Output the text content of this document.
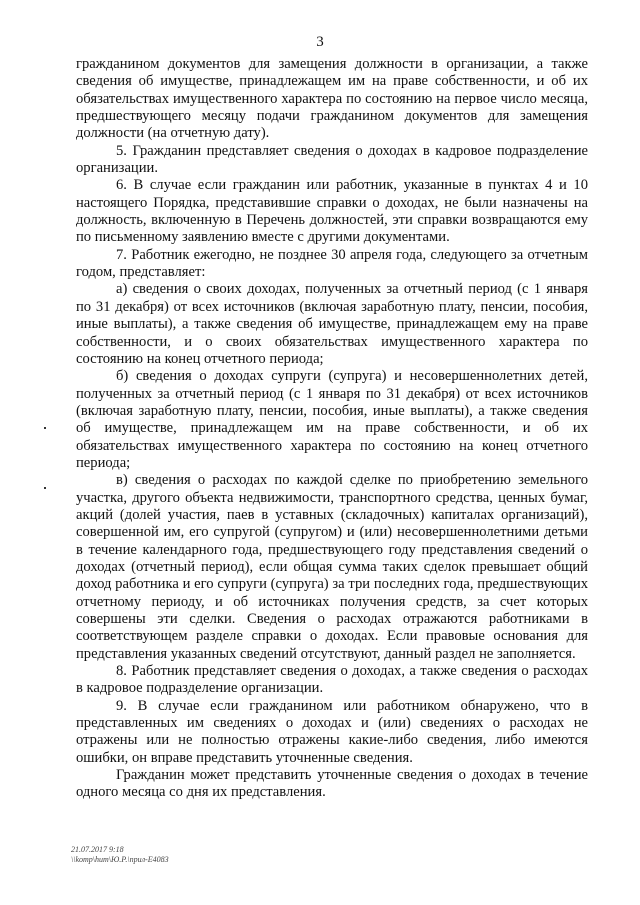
3

гражданином документов для замещения должности в организации, а также сведения об имуществе, принадлежащем им на праве собственности, и об их обязательствах имущественного характера по состоянию на первое число месяца, предшествующего месяцу подачи гражданином документов для замещения должности (на отчетную дату).

5. Гражданин представляет сведения о доходах в кадровое подразделение организации.

6. В случае если гражданин или работник, указанные в пунктах 4 и 10 настоящего Порядка, представившие справки о доходах, не были назначены на должность, включенную в Перечень должностей, эти справки возвращаются ему по письменному заявлению вместе с другими документами.

7. Работник ежегодно, не позднее 30 апреля года, следующего за отчетным годом, представляет:

а) сведения о своих доходах, полученных за отчетный период (с 1 января по 31 декабря) от всех источников (включая заработную плату, пенсии, пособия, иные выплаты), а также сведения об имуществе, принадлежащем ему на праве собственности, и о своих обязательствах имущественного характера по состоянию на конец отчетного периода;

б) сведения о доходах супруги (супруга) и несовершеннолетних детей, полученных за отчетный период (с 1 января по 31 декабря) от всех источников (включая заработную плату, пенсии, пособия, иные выплаты), а также сведения об имуществе, принадлежащем им на праве собственности, и об их обязательствах имущественного характера по состоянию на конец отчетного периода;

в) сведения о расходах по каждой сделке по приобретению земельного участка, другого объекта недвижимости, транспортного средства, ценных бумаг, акций (долей участия, паев в уставных (складочных) капиталах организаций), совершенной им, его супругой (супругом) и (или) несовершеннолетними детьми в течение календарного года, предшествующего году представления сведений о доходах (отчетный период), если общая сумма таких сделок превышает общий доход работника и его супруги (супруга) за три последних года, предшествующих отчетному периоду, и об источниках получения средств, за счет которых совершены эти сделки. Сведения о расходах отражаются работниками в соответствующем разделе справки о доходах. Если правовые основания для представления указанных сведений отсутствуют, данный раздел не заполняется.

8. Работник представляет сведения о доходах, а также сведения о расходах в кадровое подразделение организации.

9. В случае если гражданином или работником обнаружено, что в представленных им сведениях о доходах и (или) сведениях о расходах не отражены или не полностью отражены какие-либо сведения, либо имеются ошибки, он вправе представить уточненные сведения.

Гражданин может представить уточненные сведения о доходах в течение одного месяца со дня их представления.

21.07.2017 9:18
\\komp\hum\Ю.Р.\прил-E4083
